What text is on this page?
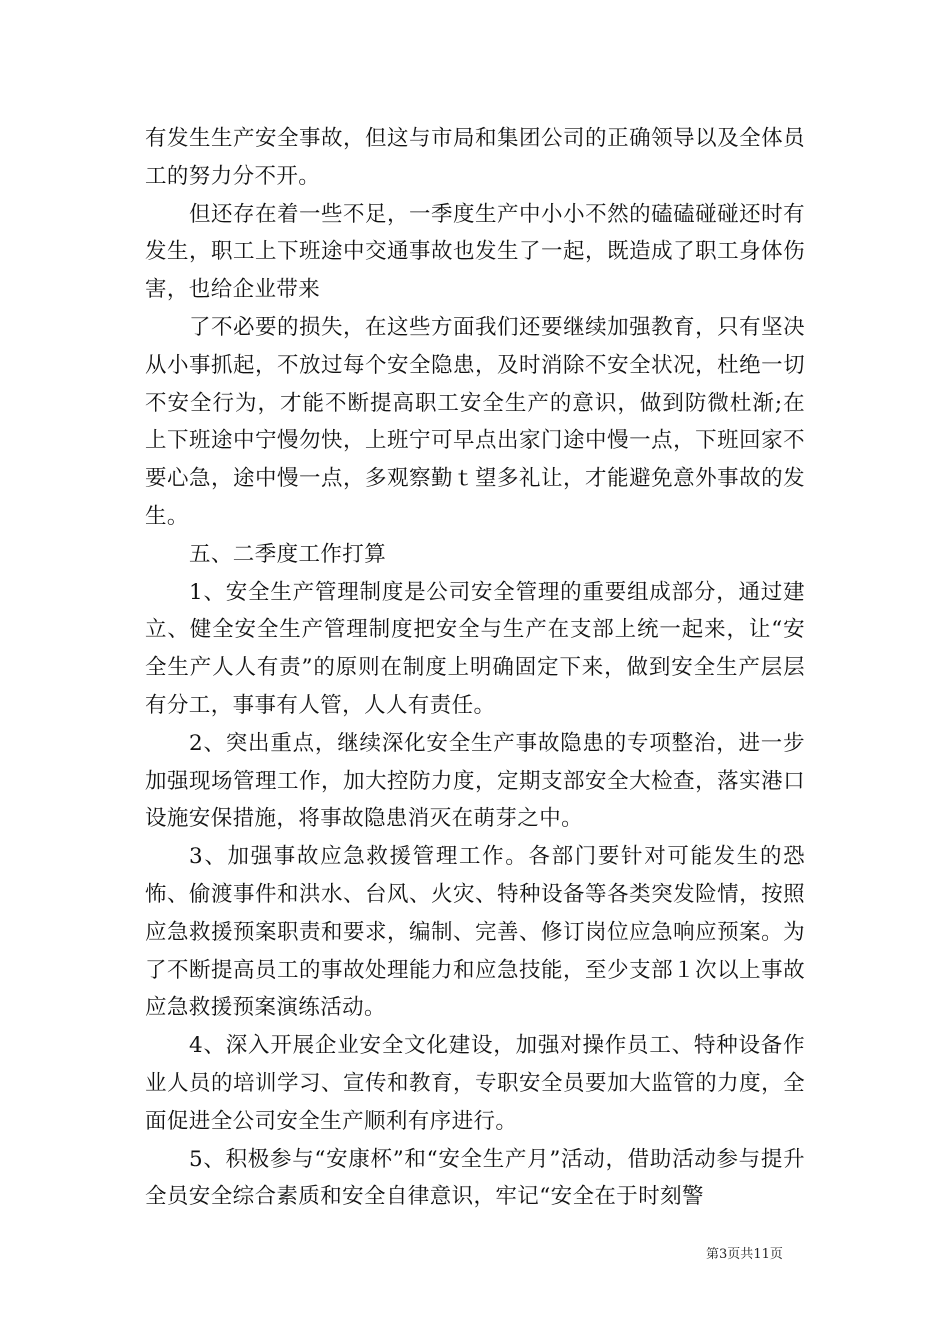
有发生生产安全事故，但这与市局和集团公司的正确领导以及全体员工的努力分不开。

但还存在着一些不足，一季度生产中小小不然的磕磕碰碰还时有发生，职工上下班途中交通事故也发生了一起，既造成了职工身体伤害，也给企业带来

了不必要的损失，在这些方面我们还要继续加强教育，只有坚决从小事抓起，不放过每个安全隐患，及时消除不安全状况，杜绝一切不安全行为，才能不断提高职工安全生产的意识，做到防微杜渐;在上下班途中宁慢勿快，上班宁可早点出家门途中慢一点，下班回家不要心急，途中慢一点，多观察勤ｔ望多礼让，才能避免意外事故的发生。

五、二季度工作打算

1、安全生产管理制度是公司安全管理的重要组成部分，通过建立、健全安全生产管理制度把安全与生产在支部上统一起来，让“安全生产人人有责”的原则在制度上明确固定下来，做到安全生产层层有分工，事事有人管，人人有责任。

2、突出重点，继续深化安全生产事故隐患的专项整治，进一步加强现场管理工作，加大控防力度，定期支部安全大检查，落实港口设施安保措施，将事故隐患消灭在萌芽之中。

3、加强事故应急救援管理工作。各部门要针对可能发生的恐怖、偷渡事件和洪水、台风、火灾、特种设备等各类突发险情，按照应急救援预案职责和要求，编制、完善、修订岗位应急响应预案。为了不断提高员工的事故处理能力和应急技能，至少支部１次以上事故应急救援预案演练活动。

4、深入开展企业安全文化建设，加强对操作员工、特种设备作业人员的培训学习、宣传和教育，专职安全员要加大监管的力度，全面促进全公司安全生产顺利有序进行。

5、积极参与“安康杯”和“安全生产月”活动，借助活动参与提升全员安全综合素质和安全自律意识，牢记“安全在于时刻警

第3页共11页
